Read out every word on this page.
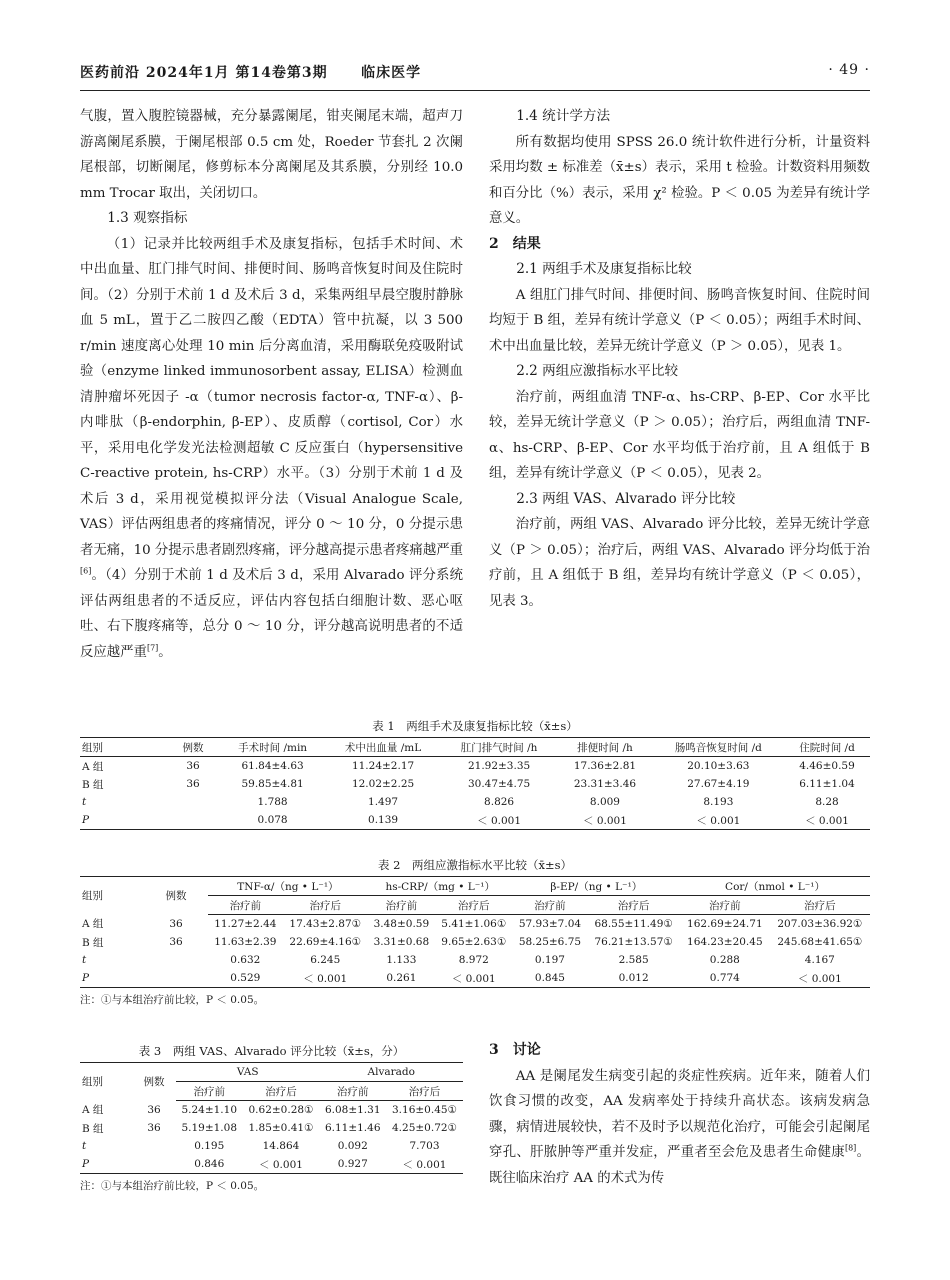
医药前沿 2024年1月 第14卷第3期 临床医学	· 49 ·

气腹，置入腹腔镜器械，充分暴露阑尾，钳夹阑尾末端，超声刀游离阑尾系膜，于阑尾根部 0.5 cm 处，Roeder 节套扎 2 次阑尾根部，切断阑尾，修剪标本分离阑尾及其系膜，分别经 10.0 mm Trocar 取出，关闭切口。

1.3 观察指标

（1）记录并比较两组手术及康复指标，包括手术时间、术中出血量、肛门排气时间、排便时间、肠鸣音恢复时间及住院时间。（2）分别于术前 1 d 及术后 3 d，采集两组早晨空腹肘静脉血 5 mL，置于乙二胺四乙酸（EDTA）管中抗凝，以 3 500 r/min 速度离心处理 10 min 后分离血清，采用酶联免疫吸附试验（enzyme linked immunosorbent assay, ELISA）检测血清肿瘤坏死因子 -α（tumor necrosis factor-α, TNF-α）、β- 内啡肽（β-endorphin, β-EP）、皮质醇（cortisol, Cor）水平，采用电化学发光法检测超敏 C 反应蛋白（hypersensitive C-reactive protein, hs-CRP）水平。（3）分别于术前 1 d 及术后 3 d，采用视觉模拟评分法（Visual Analogue Scale, VAS）评估两组患者的疼痛情况，评分 0 ～ 10 分，0 分提示患者无痛，10 分提示患者剧烈疼痛，评分越高提示患者疼痛越严重[6]。（4）分别于术前 1 d 及术后 3 d，采用 Alvarado 评分系统评估两组患者的不适反应，评估内容包括白细胞计数、恶心呕吐、右下腹疼痛等，总分 0 ～ 10 分，评分越高说明患者的不适反应越严重[7]。

1.4 统计学方法

所有数据均使用 SPSS 26.0 统计软件进行分析，计量资料采用均数 ± 标准差（x̄±s）表示，采用 t 检验。计数资料用频数和百分比（%）表示，采用 χ² 检验。P ＜ 0.05 为差异有统计学意义。

2 结果
2.1 两组手术及康复指标比较

A 组肛门排气时间、排便时间、肠鸣音恢复时间、住院时间均短于 B 组，差异有统计学意义（P ＜ 0.05）；两组手术时间、术中出血量比较，差异无统计学意义（P ＞ 0.05），见表 1。

2.2 两组应激指标水平比较

治疗前，两组血清 TNF-α、hs-CRP、β-EP、Cor 水平比较，差异无统计学意义（P ＞ 0.05）；治疗后，两组血清 TNF-α、hs-CRP、β-EP、Cor 水平均低于治疗前，且 A 组低于 B 组，差异有统计学意义（P ＜ 0.05），见表 2。

2.3 两组 VAS、Alvarado 评分比较

治疗前，两组 VAS、Alvarado 评分比较，差异无统计学意义（P ＞ 0.05）；治疗后，两组 VAS、Alvarado 评分均低于治疗前，且 A 组低于 B 组，差异均有统计学意义（P ＜ 0.05），见表 3。

表 1　两组手术及康复指标比较（x̄±s）
组别	例数	手术时间 /min	术中出血量 /mL	肛门排气时间 /h	排便时间 /h	肠鸣音恢复时间 /d	住院时间 /d
A 组	36	61.84±4.63	11.24±2.17	21.92±3.35	17.36±2.81	20.10±3.63	4.46±0.59
B 组	36	59.85±4.81	12.02±2.25	30.47±4.75	23.31±3.46	27.67±4.19	6.11±1.04
t		1.788	1.497	8.826	8.009	8.193	8.28
P		0.078	0.139	＜ 0.001	＜ 0.001	＜ 0.001	＜ 0.001
表 2　两组应激指标水平比较（x̄±s）
组别	例数	TNF-α/（ng • L⁻¹）		hs-CRP/（mg • L⁻¹）		β-EP/（ng • L⁻¹）		Cor/（nmol • L⁻¹）	
		治疗前	治疗后	治疗前	治疗后	治疗前	治疗后	治疗前	治疗后
A 组	36	11.27±2.44	17.43±2.87①	3.48±0.59	5.41±1.06①	57.93±7.04	68.55±11.49①	162.69±24.71	207.03±36.92①
B 组	36	11.63±2.39	22.69±4.16①	3.31±0.68	9.65±2.63①	58.25±6.75	76.21±13.57①	164.23±20.45	245.68±41.65①
t		0.632	6.245	1.133	8.972	0.197	2.585	0.288	4.167
P		0.529	＜ 0.001	0.261	＜ 0.001	0.845	0.012	0.774	＜ 0.001
注：①与本组治疗前比较，P ＜ 0.05。
表 3　两组 VAS、Alvarado 评分比较（x̄±s，分）
组别	例数	VAS		Alvarado	
		治疗前	治疗后	治疗前	治疗后
A 组	36	5.24±1.10	0.62±0.28①	6.08±1.31	3.16±0.45①
B 组	36	5.19±1.08	1.85±0.41①	6.11±1.46	4.25±0.72①
t		0.195	14.864	0.092	7.703
P		0.846	＜ 0.001	0.927	＜ 0.001
注：①与本组治疗前比较，P ＜ 0.05。
3 讨论

AA 是阑尾发生病变引起的炎症性疾病。近年来，随着人们饮食习惯的改变，AA 发病率处于持续升高状态。该病发病急骤，病情进展较快，若不及时予以规范化治疗，可能会引起阑尾穿孔、肝脓肿等严重并发症，严重者至会危及患者生命健康[8]。既往临床治疗 AA 的术式为传
